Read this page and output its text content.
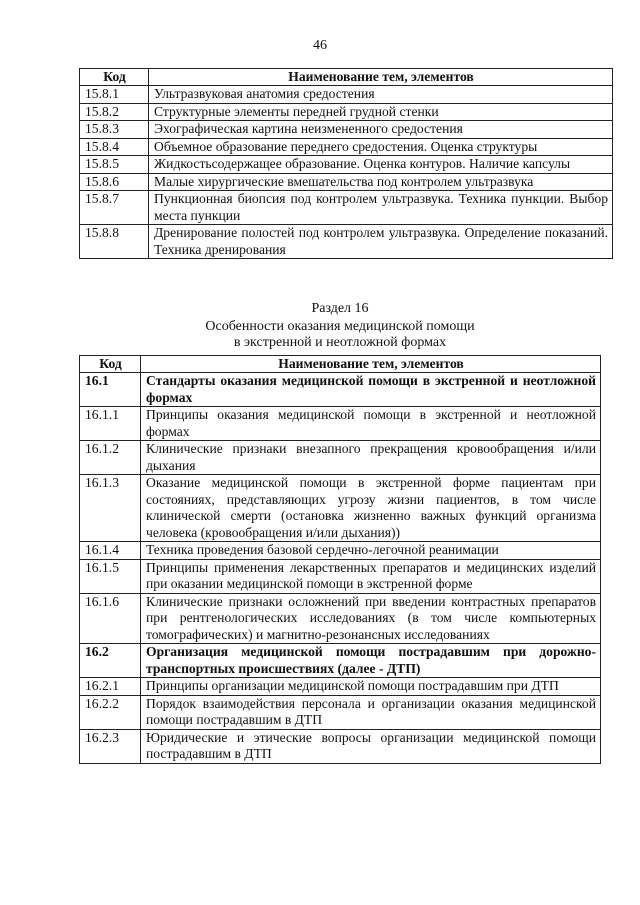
46
Код	Наименование тем, элементов
15.8.1	Ультразвуковая анатомия средостения
15.8.2	Структурные элементы передней грудной стенки
15.8.3	Эхографическая картина неизмененного средостения
15.8.4	Объемное образование переднего средостения. Оценка структуры
15.8.5	Жидкостьсодержащее образование. Оценка контуров. Наличие капсулы
15.8.6	Малые хирургические вмешательства под контролем ультразвука
15.8.7	Пункционная биопсия под контролем ультразвука. Техника пункции. Выбор места пункции
15.8.8	Дренирование полостей под контролем ультразвука. Определение показаний. Техника дренирования
Раздел 16
Особенности оказания медицинской помощи
в экстренной и неотложной формах
Код	Наименование тем, элементов
16.1	Стандарты оказания медицинской помощи в экстренной и неотложной формах
16.1.1	Принципы оказания медицинской помощи в экстренной и неотложной формах
16.1.2	Клинические признаки внезапного прекращения кровообращения и/или дыхания
16.1.3	Оказание медицинской помощи в экстренной форме пациентам при состояниях, представляющих угрозу жизни пациентов, в том числе клинической смерти (остановка жизненно важных функций организма человека (кровообращения и/или дыхания))
16.1.4	Техника проведения базовой сердечно-легочной реанимации
16.1.5	Принципы применения лекарственных препаратов и медицинских изделий при оказании медицинской помощи в экстренной форме
16.1.6	Клинические признаки осложнений при введении контрастных препаратов при рентгенологических исследованиях (в том числе компьютерных томографических) и магнитно-резонансных исследованиях
16.2	Организация медицинской помощи пострадавшим при дорожно-транспортных происшествиях (далее - ДТП)
16.2.1	Принципы организации медицинской помощи пострадавшим при ДТП
16.2.2	Порядок взаимодействия персонала и организации оказания медицинской помощи пострадавшим в ДТП
16.2.3	Юридические и этические вопросы организации медицинской помощи пострадавшим в ДТП
